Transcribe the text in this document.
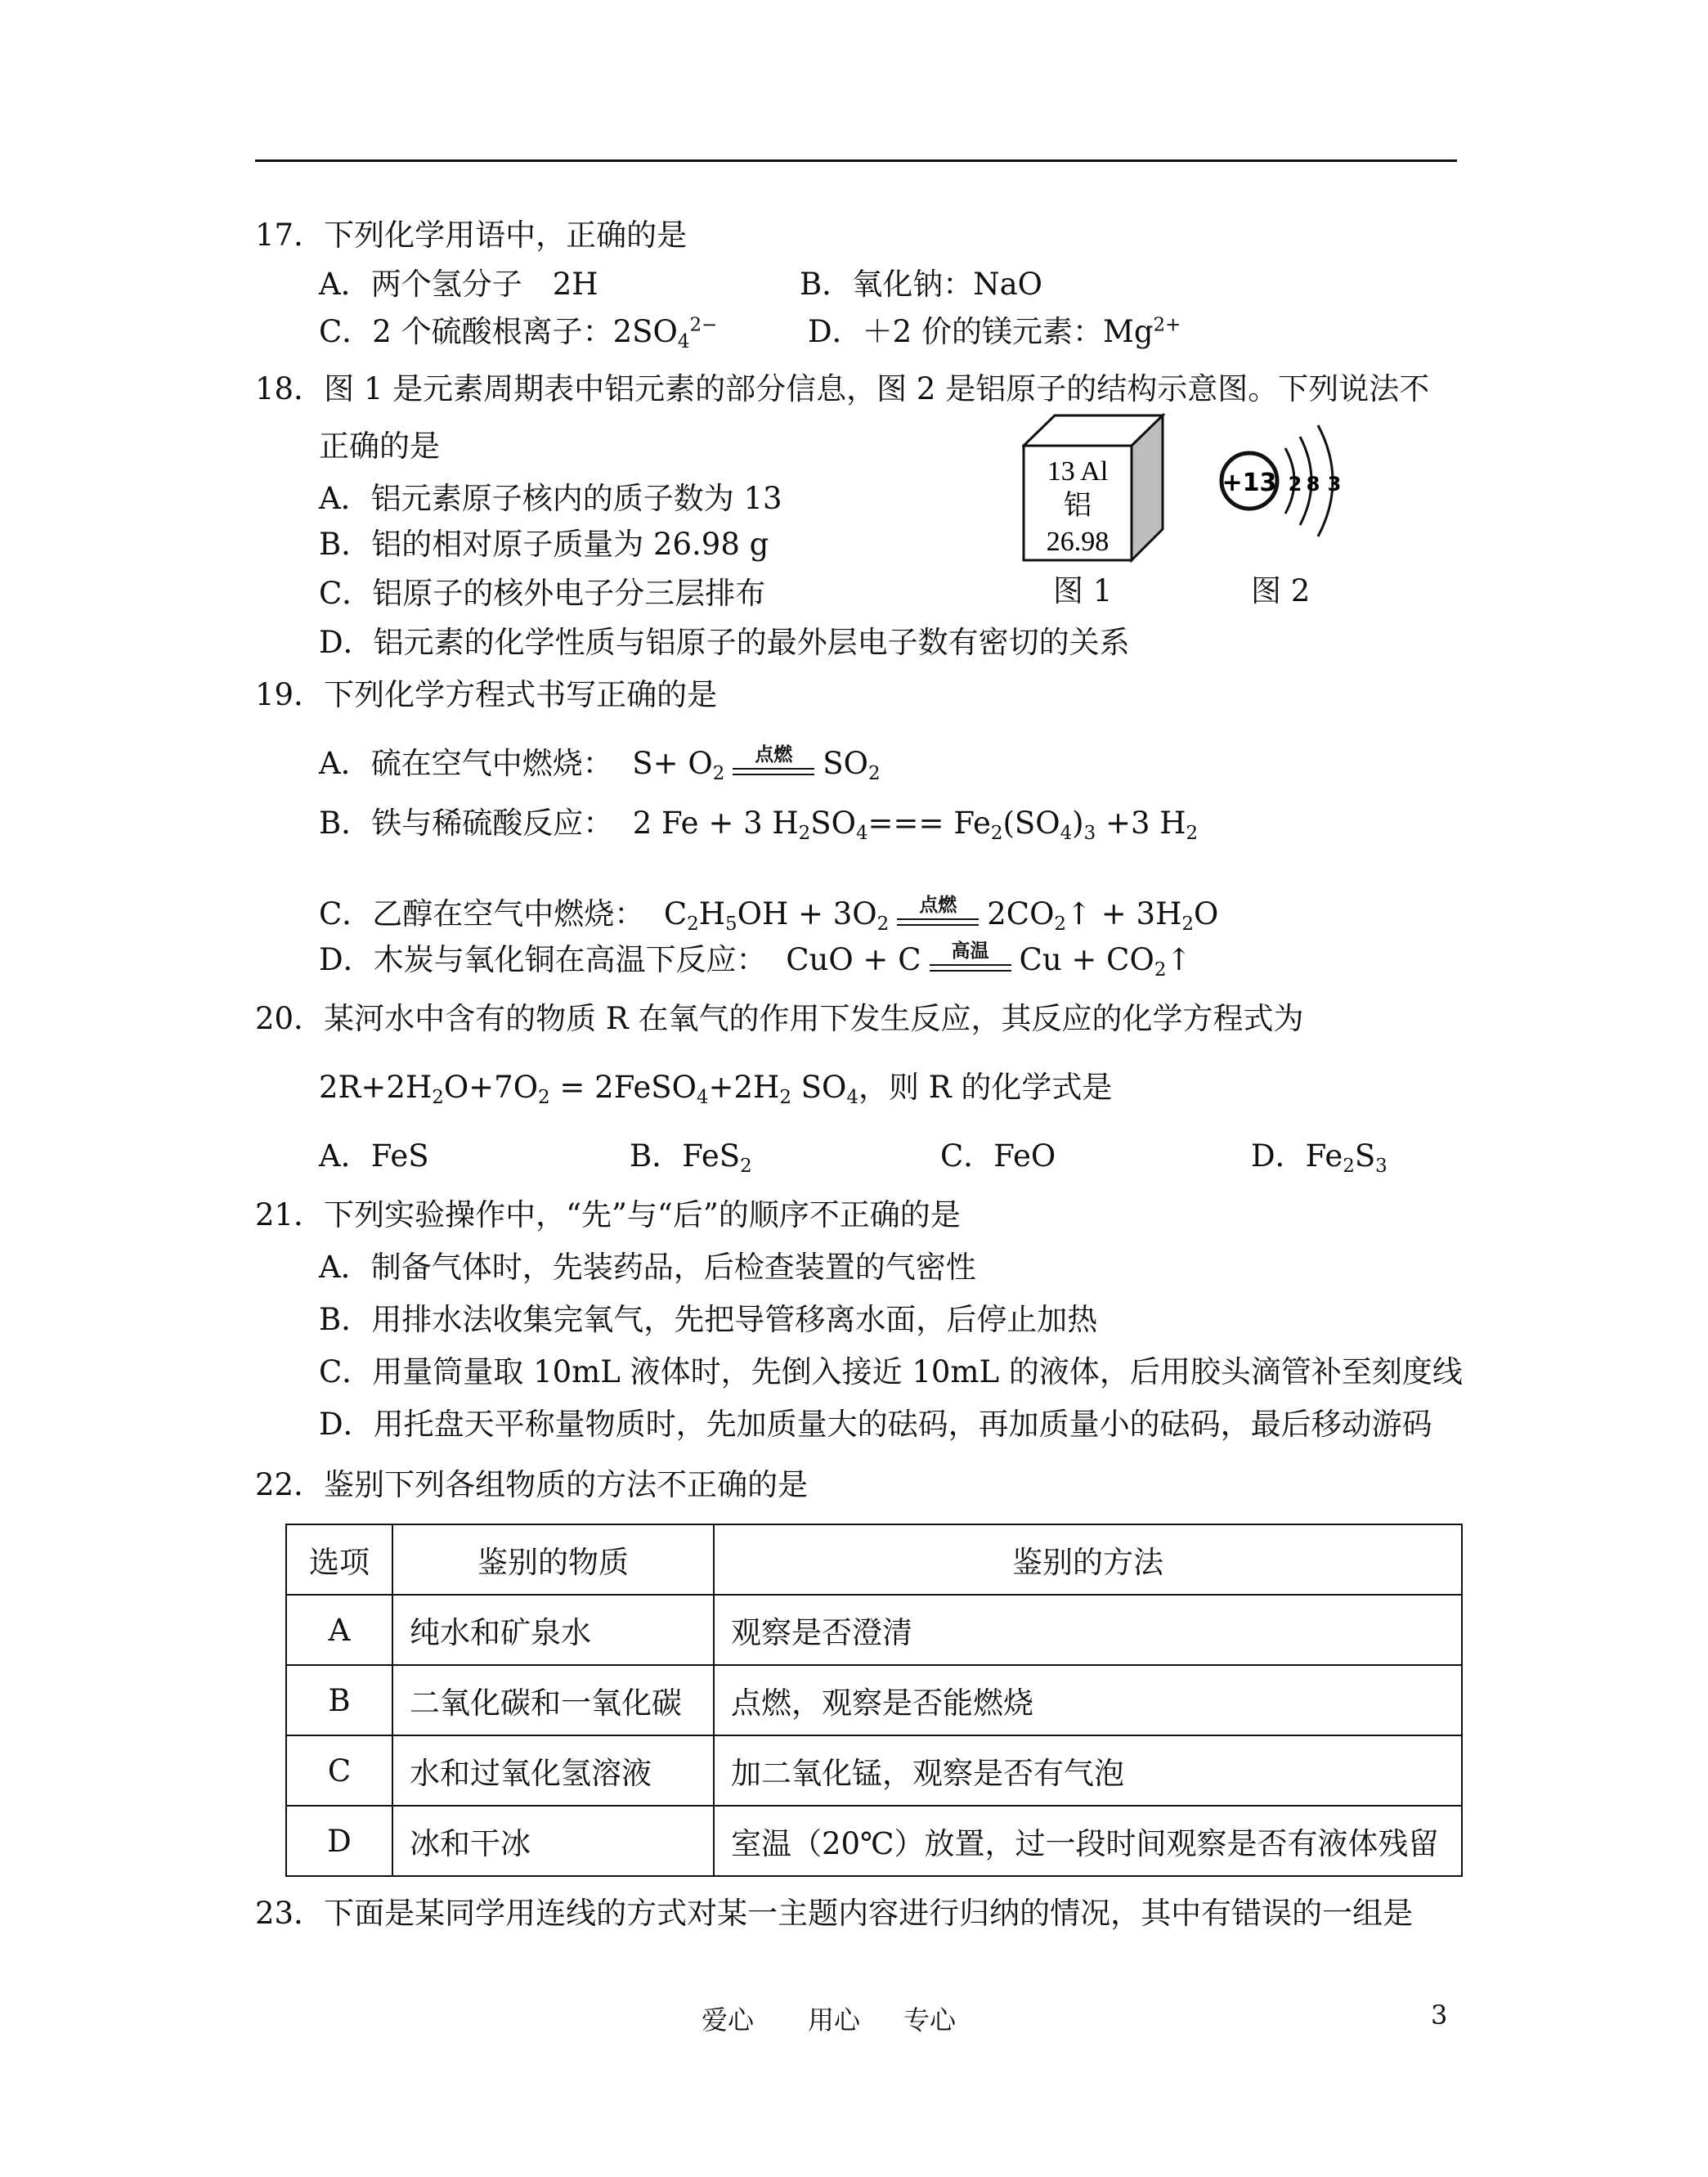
17．下列化学用语中，正确的是
A．两个氢分子　2H	B．氧化钠：NaO
C．2 个硫酸根离子：$2SO_4^{2-}$	D．＋2 价的镁元素：$Mg^{2+}$
18．图 1 是元素周期表中铝元素的部分信息，图 2 是铝原子的结构示意图。下列说法不
正确的是
A．铝元素原子核内的质子数为 13
B．铝的相对原子质量为 26.98 g
C．铝原子的核外电子分三层排布
D．铝元素的化学性质与铝原子的最外层电子数有密切的关系
13 Al
铝
26.98
图 1
+13 2 8 3
图 2
19．下列化学方程式书写正确的是
A．硫在空气中燃烧：  $S+ O_2$
点燃	$SO_2$
B．铁与稀硫酸反应：  2 Fe + 3 $H_2SO_4=== Fe_2(SO_4)_3 +3$ $H_2$
C．乙醇在空气中燃烧：  $C_2H_5OH + 3O_2$
点燃	$2CO_2↑ + 3H_2O$
D．木炭与氧化铜在高温下反应：  CuO + C	高温	$Cu + CO_2↑$
20．某河水中含有的物质 R 在氧气的作用下发生反应，其反应的化学方程式为
$2R+2H_2O+7O_2$ = $2FeSO_4+2H_2$ $SO_4$，则 R 的化学式是
A．FeS	B．FeS$_2$	C．FeO	D．$Fe_2S_3$
21．下列实验操作中，“先”与“后”的顺序不正确的是
A．制备气体时，先装药品，后检查装置的气密性
B．用排水法收集完氧气，先把导管移离水面，后停止加热
C．用量筒量取 10mL 液体时，先倒入接近 10mL 的液体，后用胶头滴管补至刻度线
D．用托盘天平称量物质时，先加质量大的砝码，再加质量小的砝码，最后移动游码
22．鉴别下列各组物质的方法不正确的是
选项	鉴别的物质	鉴别的方法
A	纯水和矿泉水	观察是否澄清
B	二氧化碳和一氧化碳	点燃，观察是否能燃烧
C	水和过氧化氢溶液	加二氧化锰，观察是否有气泡
D	冰和干冰	室温（20℃）放置，过一段时间观察是否有液体残留
23．下面是某同学用连线的方式对某一主题内容进行归纳的情况，其中有错误的一组是
爱心 用心 专心	3
